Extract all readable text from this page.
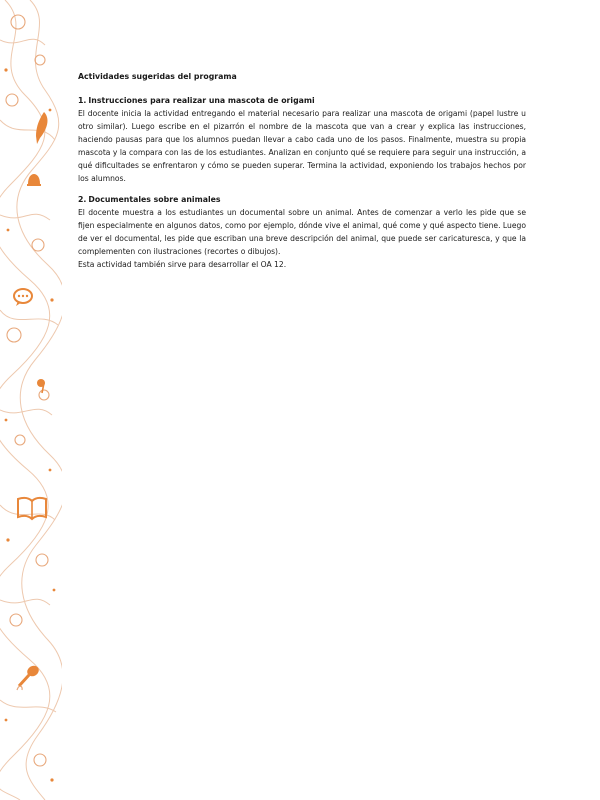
Actividades sugeridas del programa

1. Instrucciones para realizar una mascota de origami

El docente inicia la actividad entregando el material necesario para realizar una mascota de origami (papel lustre u otro similar). Luego escribe en el pizarrón el nombre de la mascota que van a crear y explica las instrucciones, haciendo pausas para que los alumnos puedan llevar a cabo cada uno de los pasos. Finalmente, muestra su propia mascota y la compara con las de los estudiantes. Analizan en conjunto qué se requiere para seguir una instrucción, a qué dificultades se enfrentaron y cómo se pueden superar. Termina la actividad, exponiendo los trabajos hechos por los alumnos.

2. Documentales sobre animales

El docente muestra a los estudiantes un documental sobre un animal. Antes de comenzar a verlo les pide que se fijen especialmente en algunos datos, como por ejemplo, dónde vive el animal, qué come y qué aspecto tiene. Luego de ver el documental, les pide que escriban una breve descripción del animal, que puede ser caricaturesca, y que la complementen con ilustraciones (recortes o dibujos).

Esta actividad también sirve para desarrollar el OA 12.
